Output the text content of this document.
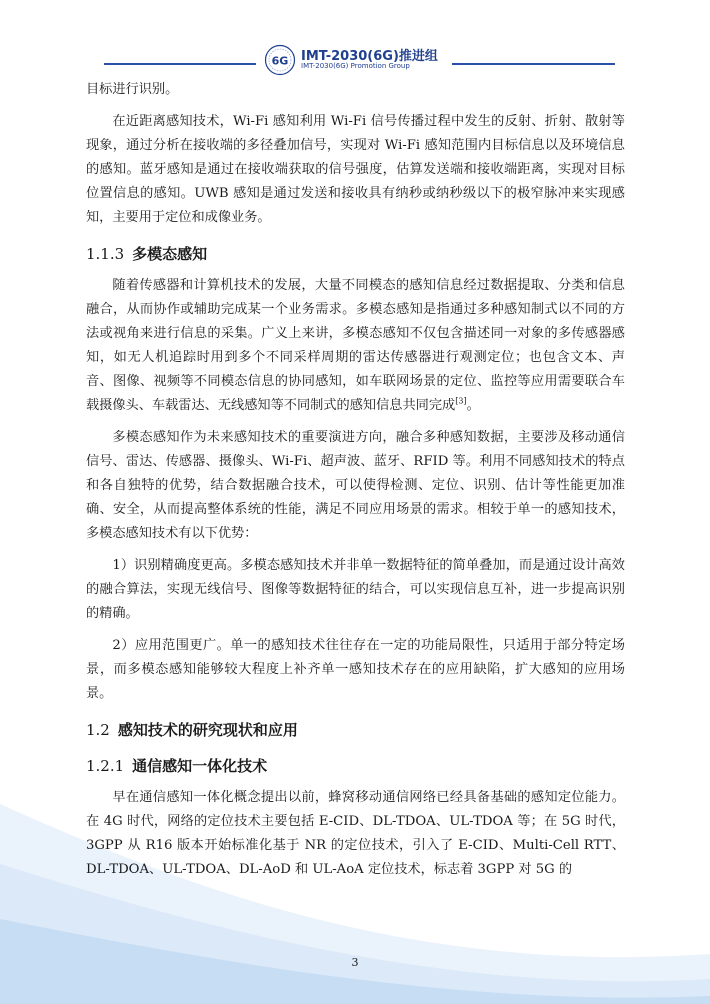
6G IMT-2030(6G)推进组
IMT-2030(6G) Promotion Group

目标进行识别。

在近距离感知技术，Wi-Fi 感知利用 Wi-Fi 信号传播过程中发生的反射、折射、散射等现象，通过分析在接收端的多径叠加信号，实现对 Wi-Fi 感知范围内目标信息以及环境信息的感知。蓝牙感知是通过在接收端获取的信号强度，估算发送端和接收端距离，实现对目标位置信息的感知。UWB 感知是通过发送和接收具有纳秒或纳秒级以下的极窄脉冲来实现感知，主要用于定位和成像业务。

1.1.3 多模态感知

随着传感器和计算机技术的发展，大量不同模态的感知信息经过数据提取、分类和信息融合，从而协作或辅助完成某一个业务需求。多模态感知是指通过多种感知制式以不同的方法或视角来进行信息的采集。广义上来讲，多模态感知不仅包含描述同一对象的多传感器感知，如无人机追踪时用到多个不同采样周期的雷达传感器进行观测定位；也包含文本、声音、图像、视频等不同模态信息的协同感知，如车联网场景的定位、监控等应用需要联合车载摄像头、车载雷达、无线感知等不同制式的感知信息共同完成[3]。

多模态感知作为未来感知技术的重要演进方向，融合多种感知数据，主要涉及移动通信信号、雷达、传感器、摄像头、Wi-Fi、超声波、蓝牙、RFID 等。利用不同感知技术的特点和各自独特的优势，结合数据融合技术，可以使得检测、定位、识别、估计等性能更加准确、安全，从而提高整体系统的性能，满足不同应用场景的需求。相较于单一的感知技术，多模态感知技术有以下优势：

1）识别精确度更高。多模态感知技术并非单一数据特征的简单叠加，而是通过设计高效的融合算法，实现无线信号、图像等数据特征的结合，可以实现信息互补，进一步提高识别的精确。

2）应用范围更广。单一的感知技术往往存在一定的功能局限性，只适用于部分特定场景，而多模态感知能够较大程度上补齐单一感知技术存在的应用缺陷，扩大感知的应用场景。

1.2 感知技术的研究现状和应用
1.2.1 通信感知一体化技术

早在通信感知一体化概念提出以前，蜂窝移动通信网络已经具备基础的感知定位能力。在 4G 时代，网络的定位技术主要包括 E-CID、DL-TDOA、UL-TDOA 等；在 5G 时代，3GPP 从 R16 版本开始标准化基于 NR 的定位技术，引入了 E-CID、Multi-Cell RTT、DL-TDOA、UL-TDOA、DL-AoD 和 UL-AoA 定位技术，标志着 3GPP 对 5G 的

3
